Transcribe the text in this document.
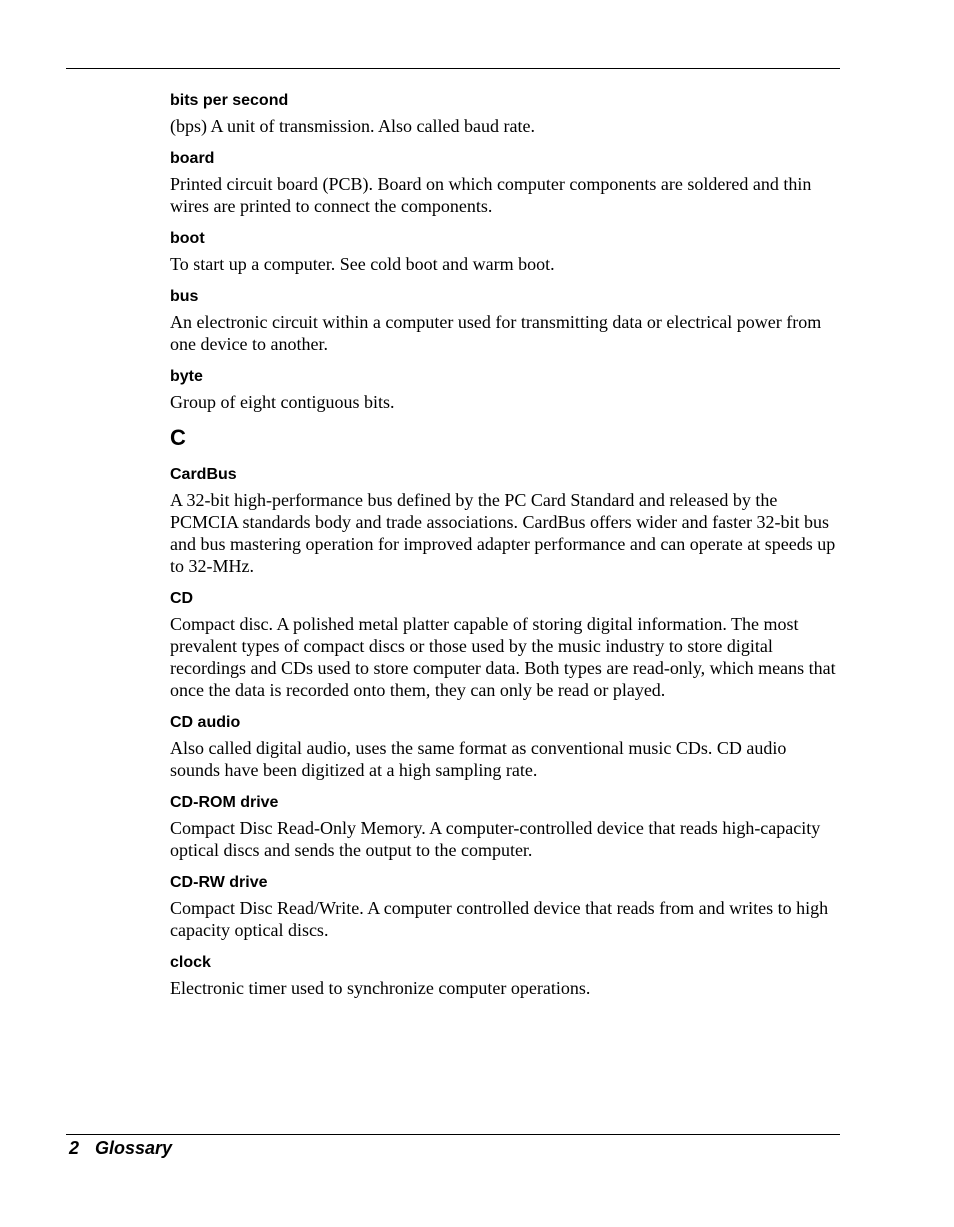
bits per second

(bps) A unit of transmission. Also called baud rate.

board

Printed circuit board (PCB). Board on which computer components are soldered and thin wires are printed to connect the components.

boot

To start up a computer. See cold boot and warm boot.

bus

An electronic circuit within a computer used for transmitting data or electrical power from one device to another.

byte

Group of eight contiguous bits.

C
CardBus

A 32-bit high-performance bus defined by the PC Card Standard and released by the PCMCIA standards body and trade associations. CardBus offers wider and faster 32-bit bus and bus mastering operation for improved adapter performance and can operate at speeds up to 32-MHz.

CD

Compact disc. A polished metal platter capable of storing digital information. The most prevalent types of compact discs or those used by the music industry to store digital recordings and CDs used to store computer data. Both types are read-only, which means that once the data is recorded onto them, they can only be read or played.

CD audio

Also called digital audio, uses the same format as conventional music CDs. CD audio sounds have been digitized at a high sampling rate.

CD-ROM drive

Compact Disc Read-Only Memory. A computer-controlled device that reads high-capacity optical discs and sends the output to the computer.

CD-RW drive

Compact Disc Read/Write. A computer controlled device that reads from and writes to high capacity optical discs.

clock

Electronic timer used to synchronize computer operations.

2 Glossary
